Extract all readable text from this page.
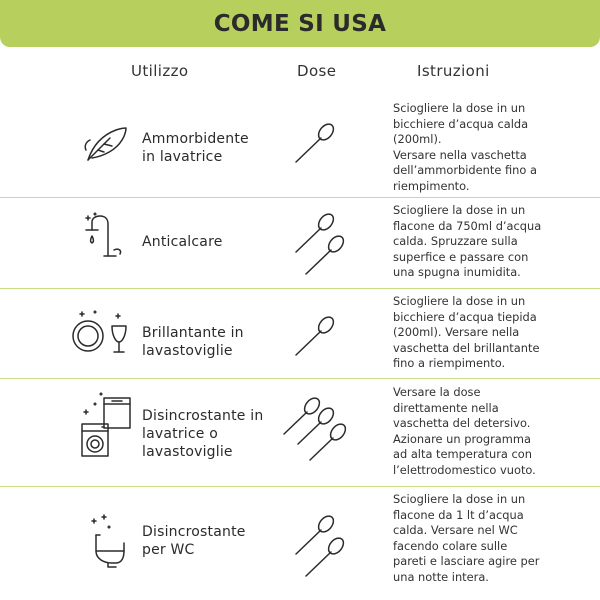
COME SI USA
Utilizzo	Dose	Istruzioni
Ammorbidente
in lavatrice
Sciogliere la dose in un
bicchiere d’acqua calda
(200ml).
Versare nella vaschetta
dell’ammorbidente fino a
riempimento.
Anticalcare
Sciogliere la dose in un
flacone da 750ml d’acqua
calda. Spruzzare sulla
superfice e passare con
una spugna inumidita.
Brillantante in
lavastoviglie
Sciogliere la dose in un
bicchiere d’acqua tiepida
(200ml). Versare nella
vaschetta del brillantante
fino a riempimento.
Disincrostante in
lavatrice o
lavastoviglie
Versare la dose
direttamente nella
vaschetta del detersivo.
Azionare un programma
ad alta temperatura con
l’elettrodomestico vuoto.
Disincrostante
per WC
Sciogliere la dose in un
flacone da 1 lt d’acqua
calda. Versare nel WC
facendo colare sulle
pareti e lasciare agire per
una notte intera.
